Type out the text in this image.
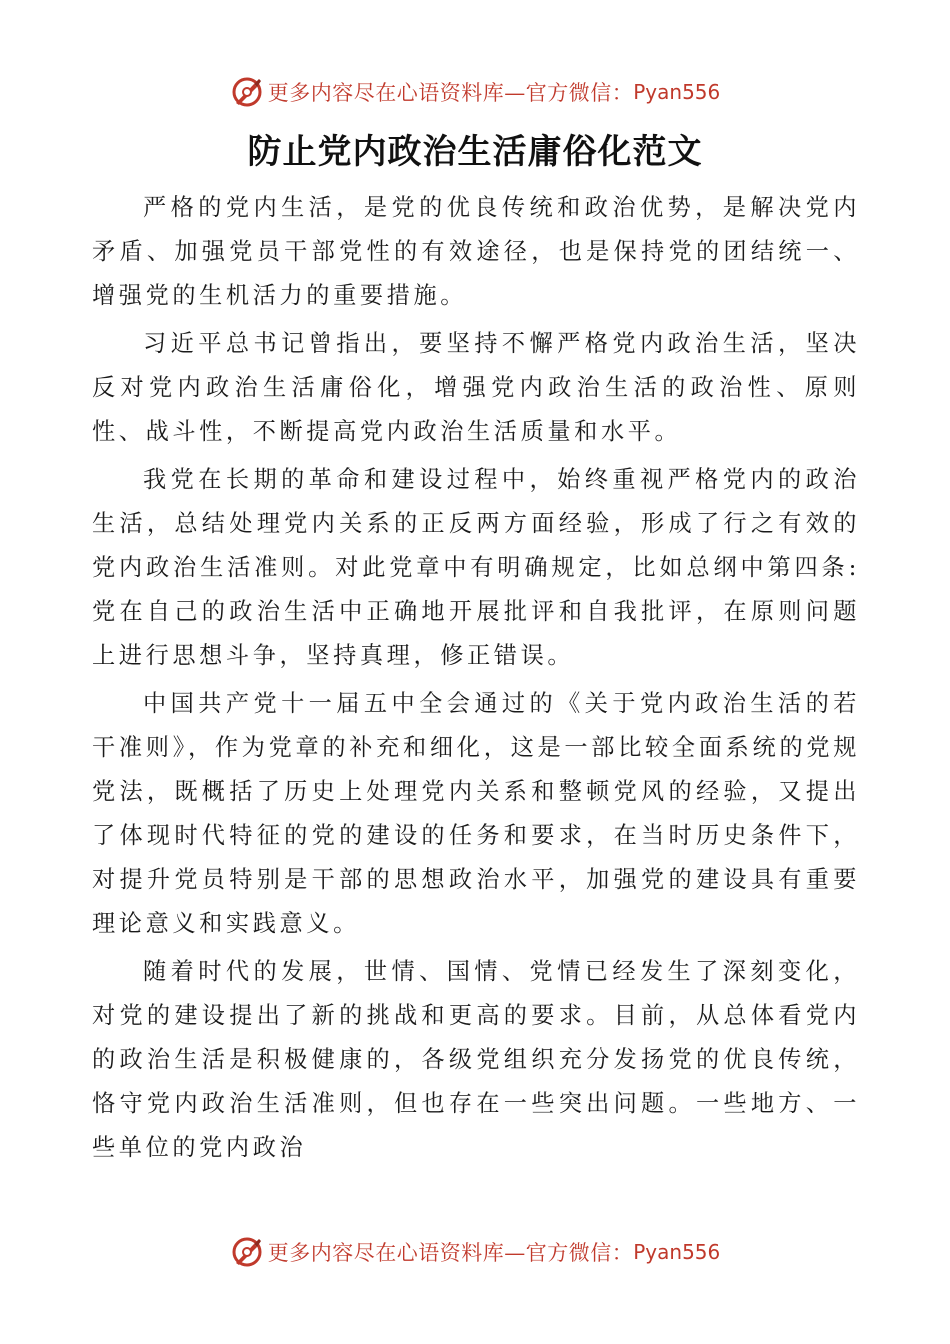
更多内容尽在心语资料库—官方微信： Pyan556
防止党内政治生活庸俗化范文

严格的党内生活，是党的优良传统和政治优势，是解决党内矛盾、加强党员干部党性的有效途径，也是保持党的团结统一、增强党的生机活力的重要措施。

习近平总书记曾指出，要坚持不懈严格党内政治生活，坚决反对党内政治生活庸俗化，增强党内政治生活的政治性、原则性、战斗性，不断提高党内政治生活质量和水平。

我党在长期的革命和建设过程中，始终重视严格党内的政治生活，总结处理党内关系的正反两方面经验，形成了行之有效的党内政治生活准则。对此党章中有明确规定，比如总纲中第四条:党在自己的政治生活中正确地开展批评和自我批评，在原则问题上进行思想斗争，坚持真理，修正错误。

中国共产党十一届五中全会通过的《关于党内政治生活的若干准则》，作为党章的补充和细化，这是一部比较全面系统的党规党法，既概括了历史上处理党内关系和整顿党风的经验，又提出了体现时代特征的党的建设的任务和要求，在当时历史条件下，对提升党员特别是干部的思想政治水平，加强党的建设具有重要理论意义和实践意义。

随着时代的发展，世情、国情、党情已经发生了深刻变化，对党的建设提出了新的挑战和更高的要求。目前，从总体看党内的政治生活是积极健康的，各级党组织充分发扬党的优良传统，恪守党内政治生活准则，但也存在一些突出问题。一些地方、一些单位的党内政治

更多内容尽在心语资料库—官方微信： Pyan556
